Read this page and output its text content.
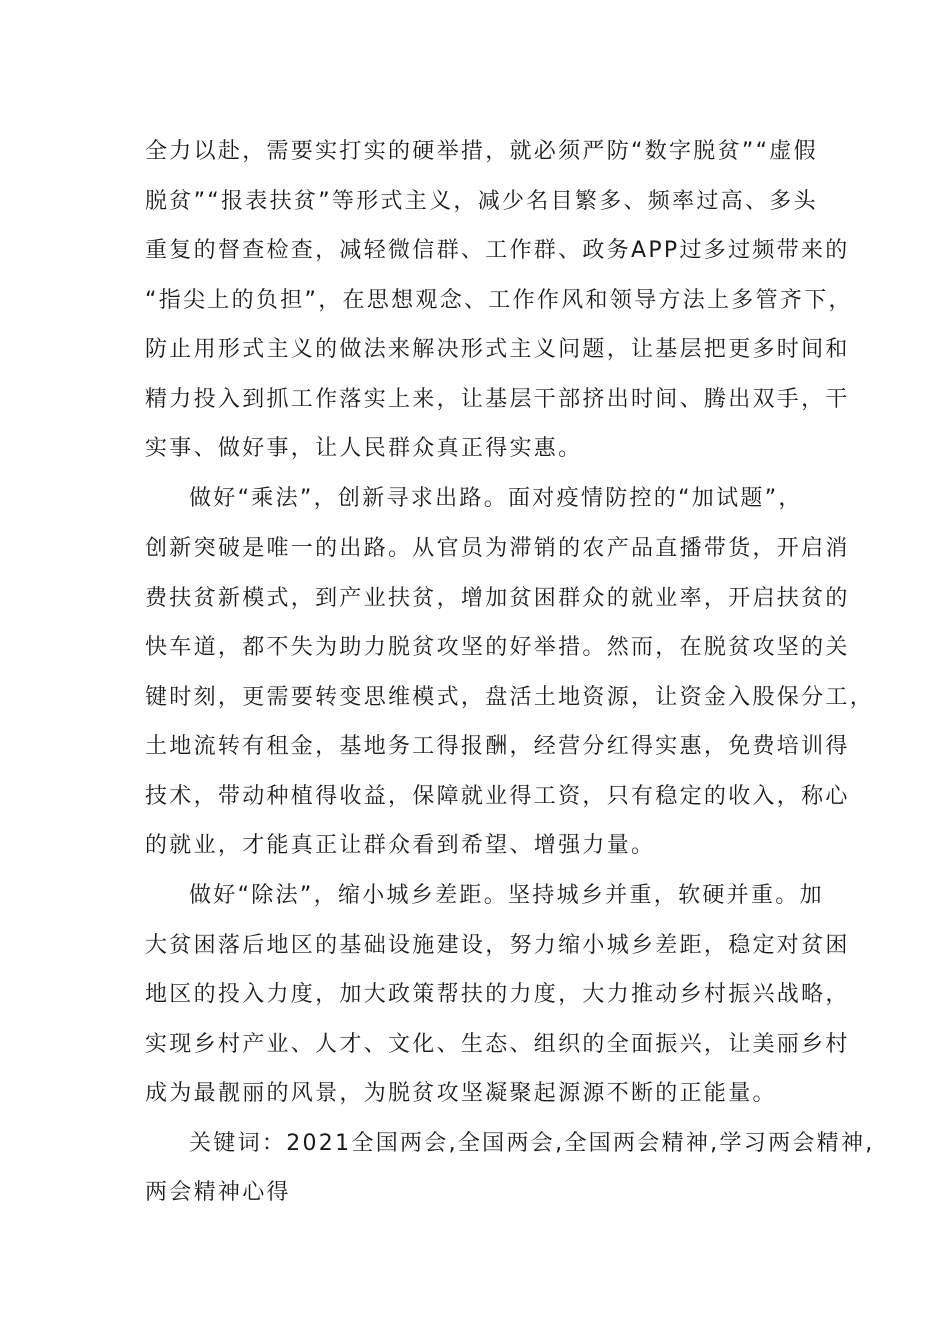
全力以赴，需要实打实的硬举措，就必须严防“数字脱贫”“虚假
脱贫”“报表扶贫”等形式主义，减少名目繁多、频率过高、多头
重复的督查检查，减轻微信群、工作群、政务APP过多过频带来的
“指尖上的负担”，在思想观念、工作作风和领导方法上多管齐下，
防止用形式主义的做法来解决形式主义问题，让基层把更多时间和
精力投入到抓工作落实上来，让基层干部挤出时间、腾出双手，干
实事、做好事，让人民群众真正得实惠。
做好“乘法”，创新寻求出路。面对疫情防控的“加试题”，
创新突破是唯一的出路。从官员为滞销的农产品直播带货，开启消
费扶贫新模式，到产业扶贫，增加贫困群众的就业率，开启扶贫的
快车道，都不失为助力脱贫攻坚的好举措。然而，在脱贫攻坚的关
键时刻，更需要转变思维模式，盘活土地资源，让资金入股保分工，
土地流转有租金，基地务工得报酬，经营分红得实惠，免费培训得
技术，带动种植得收益，保障就业得工资，只有稳定的收入，称心
的就业，才能真正让群众看到希望、增强力量。
做好“除法”，缩小城乡差距。坚持城乡并重，软硬并重。加
大贫困落后地区的基础设施建设，努力缩小城乡差距，稳定对贫困
地区的投入力度，加大政策帮扶的力度，大力推动乡村振兴战略，
实现乡村产业、人才、文化、生态、组织的全面振兴，让美丽乡村
成为最靓丽的风景，为脱贫攻坚凝聚起源源不断的正能量。
关键词：2021全国两会,全国两会,全国两会精神,学习两会精神,
两会精神心得
